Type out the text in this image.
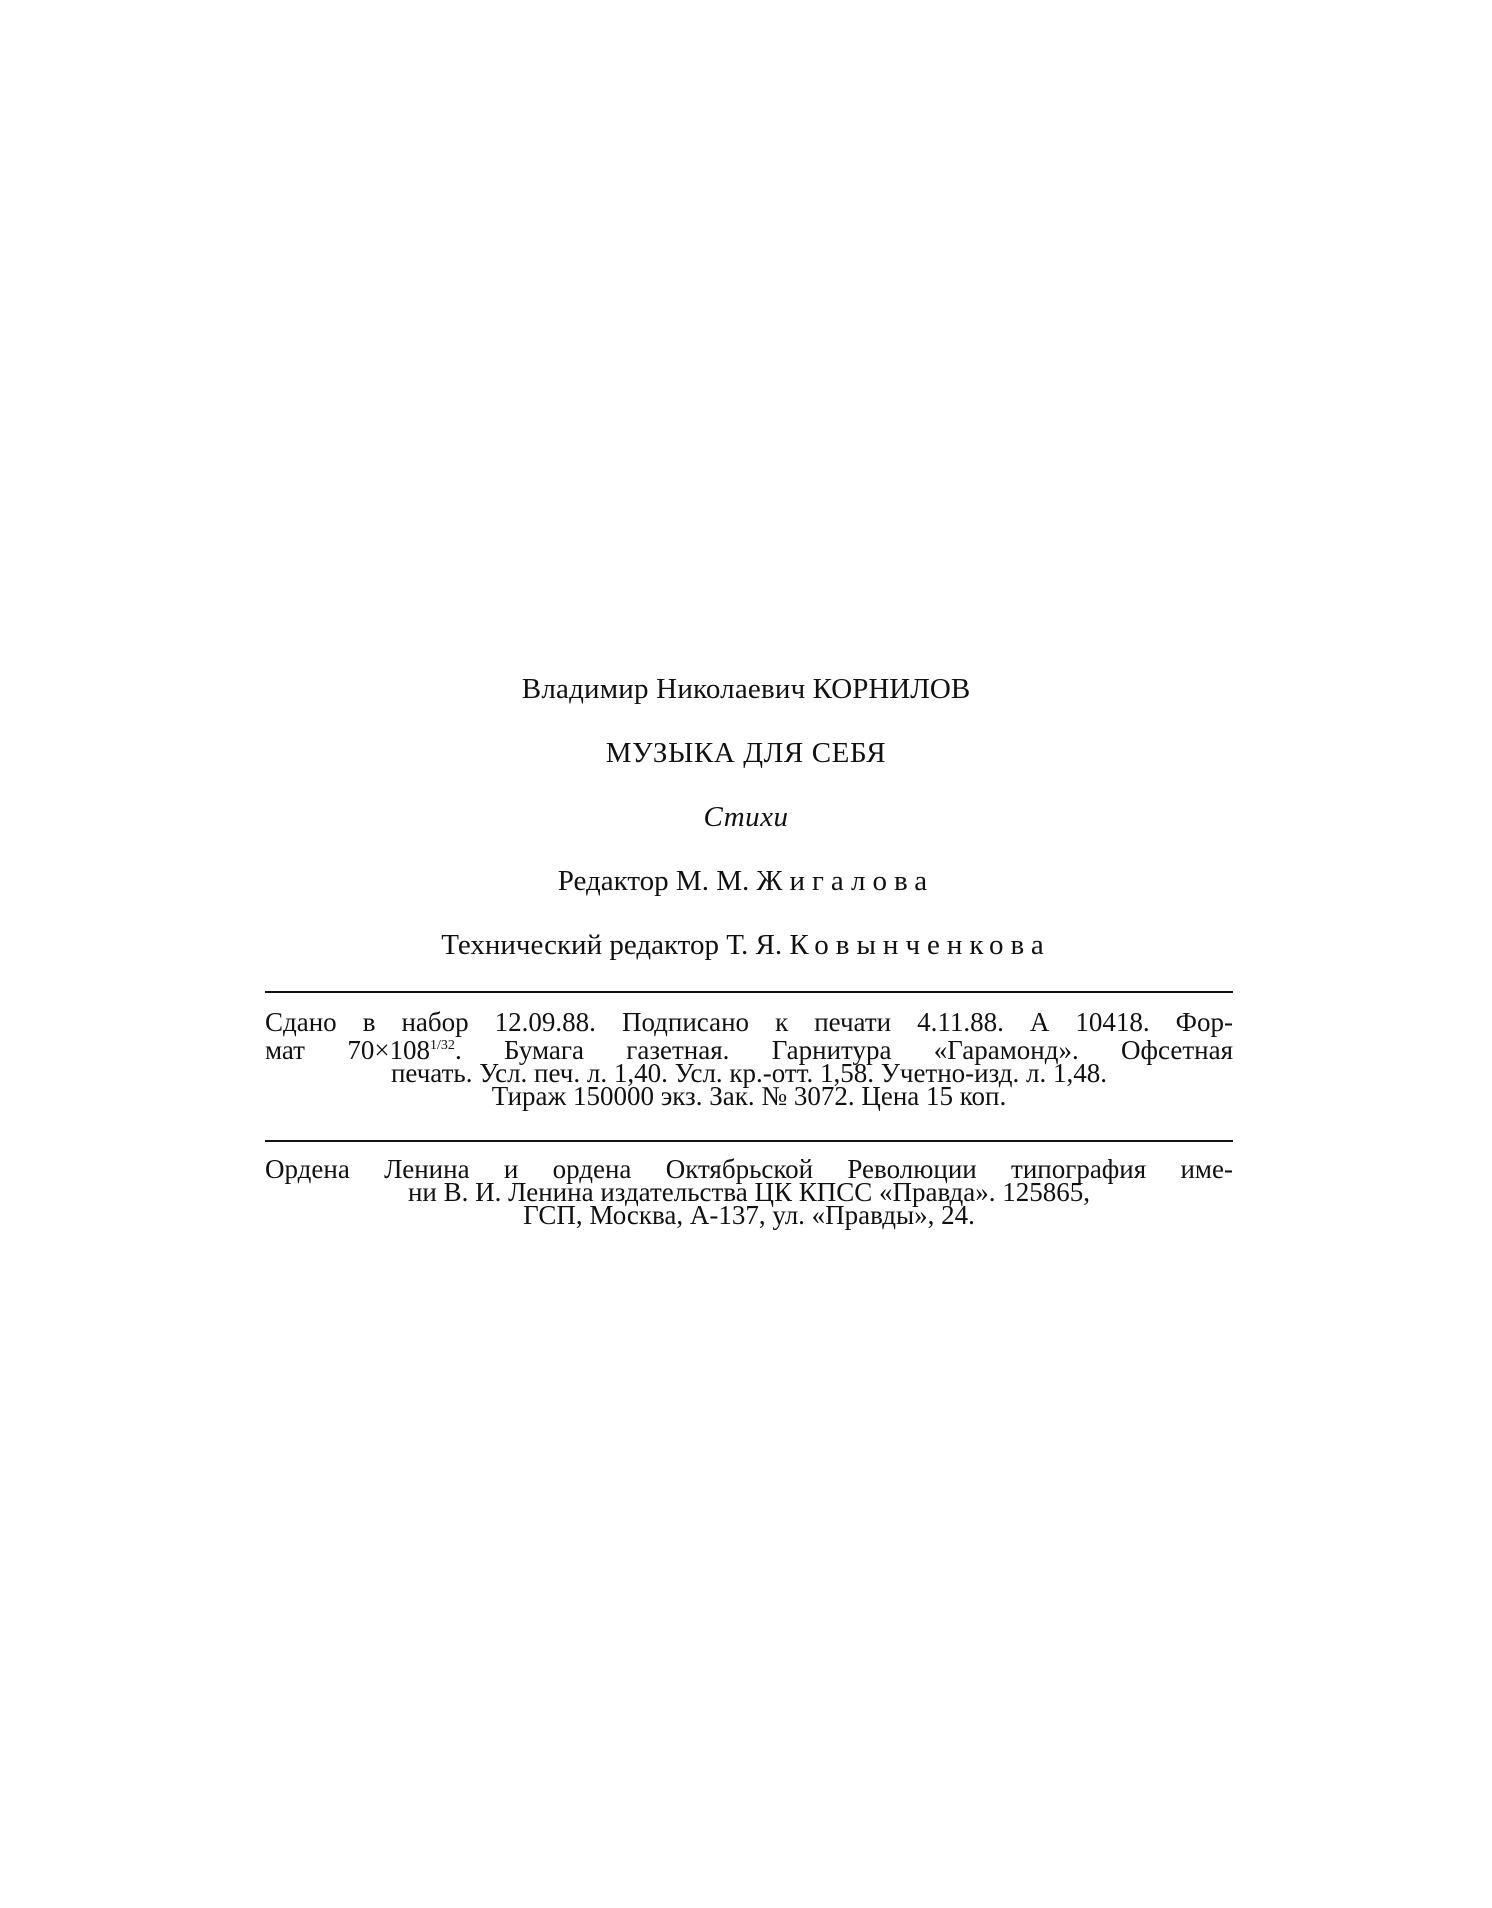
Владимир Николаевич КОРНИЛОВ
МУЗЫКА ДЛЯ СЕБЯ
Стихи
Редактор М. М. Жигалова
Технический редактор Т. Я. Ковынченкова
Сдано в набор 12.09.88. Подписано к печати 4.11.88. А 10418. Фор-
мат $70\times 108^{1/32}$. Бумага газетная. Гарнитура «Гарамонд». Офсетная
печать. Усл. печ. л. 1,40. Усл. кр.-отт. 1,58. Учетно-изд. л. 1,48.
Тираж 150000 экз. Зак. № 3072. Цена 15 коп.
Ордена Ленина и ордена Октябрьской Революции типография име-
ни В. И. Ленина издательства ЦК КПСС «Правда». 125865,
ГСП, Москва, А-137, ул. «Правды», 24.
